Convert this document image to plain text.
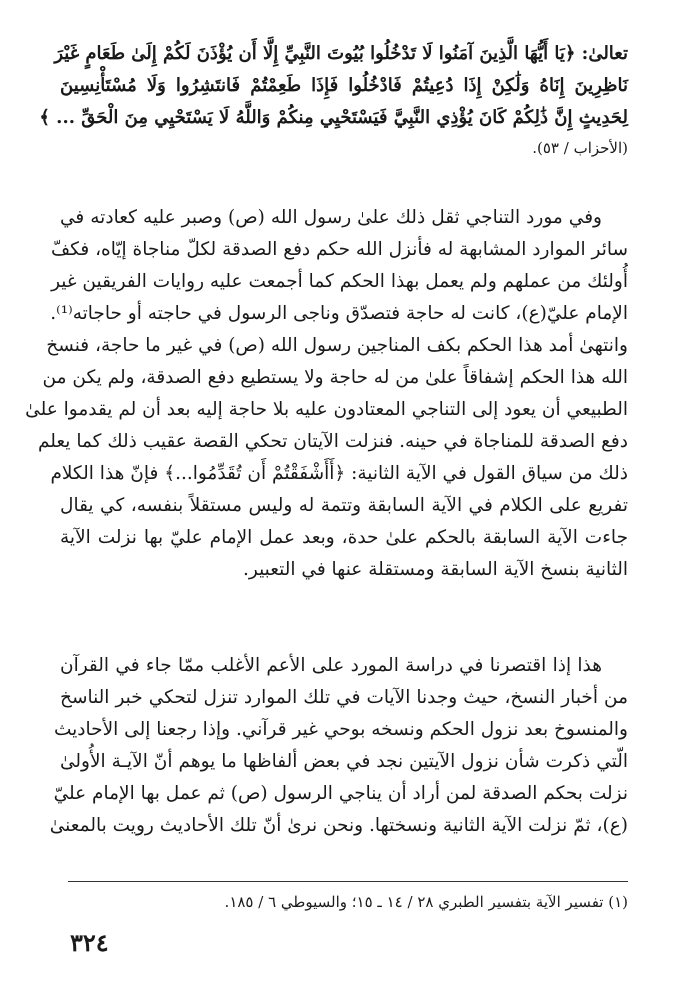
تعالىٰ: ﴿يَا أَيُّهَا الَّذِينَ آمَنُوا لَا تَدْخُلُوا بُيُوتَ النَّبِيِّ إِلَّا أَن يُؤْذَنَ لَكُمْ إِلَىٰ طَعَامٍ غَيْرَ
نَاظِرِينَ إِنَاهُ وَلَٰكِنْ إِذَا دُعِيتُمْ فَادْخُلُوا فَإِذَا طَعِمْتُمْ فَانتَشِرُوا وَلَا مُسْتَأْنِسِينَ
لِحَدِيثٍ إِنَّ ذَٰلِكُمْ كَانَ يُؤْذِي النَّبِيَّ فَيَسْتَحْيِي مِنكُمْ وَاللَّهُ لَا يَسْتَحْيِي مِنَ الْحَقِّ ... ﴾
(الأحزاب / ٥٣).
وفي مورد التناجي ثقل ذلك علىٰ رسول الله (ص) وصبر عليه كعادته في
سائر الموارد المشابهة له فأنزل الله حكم دفع الصدقة لكلّ مناجاة إيّاه، فكفّ
أُولئك من عملهم ولم يعمل بهذا الحكم كما أجمعت عليه روايات الفريقين غير
الإمام عليّ(ع)، كانت له حاجة فتصدّق وناجى الرسول في حاجته أو حاجاته⁽¹⁾.
وانتهىٰ أمد هذا الحكم بكف المناجين رسول الله (ص) في غير ما حاجة، فنسخ
الله هذا الحكم إشفاقاً علىٰ من له حاجة ولا يستطيع دفع الصدقة، ولم يكن من
الطبيعي أن يعود إلى التناجي المعتادون عليه بلا حاجة إليه بعد أن لم يقدموا علىٰ
دفع الصدقة للمناجاة في حينه. فنزلت الآيتان تحكي القصة عقيب ذلك كما يعلم
ذلك من سياق القول في الآية الثانية: ﴿أَأَشْفَقْتُمْ أَن تُقَدِّمُوا...﴾ فإنّ هذا الكلام
تفريع على الكلام في الآية السابقة وتتمة له وليس مستقلاً بنفسه، كي يقال
جاءت الآية السابقة بالحكم علىٰ حدة، وبعد عمل الإمام عليّ بها نزلت الآية
الثانية بنسخ الآية السابقة ومستقلة عنها في التعبير.
هذا إذا اقتصرنا في دراسة المورد على الأعم الأغلب ممّا جاء في القرآن
من أخبار النسخ، حيث وجدنا الآيات في تلك الموارد تنزل لتحكي خبر الناسخ
والمنسوخ بعد نزول الحكم ونسخه بوحي غير قرآني. وإذا رجعنا إلى الأحاديث
الّتي ذكرت شأن نزول الآيتين نجد في بعض ألفاظها ما يوهم أنّ الآيـة الأُولىٰ
نزلت بحكم الصدقة لمن أراد أن يناجي الرسول (ص) ثم عمل بها الإمام عليّ
(ع)، ثمّ نزلت الآية الثانية ونسختها. ونحن نرىٰ أنّ تلك الأحاديث رويت بالمعنىٰ
(١) تفسير الآية بتفسير الطبري ٢٨ / ١٤ ـ ١٥؛ والسيوطي ٦ / ١٨٥.
٣٢٤
